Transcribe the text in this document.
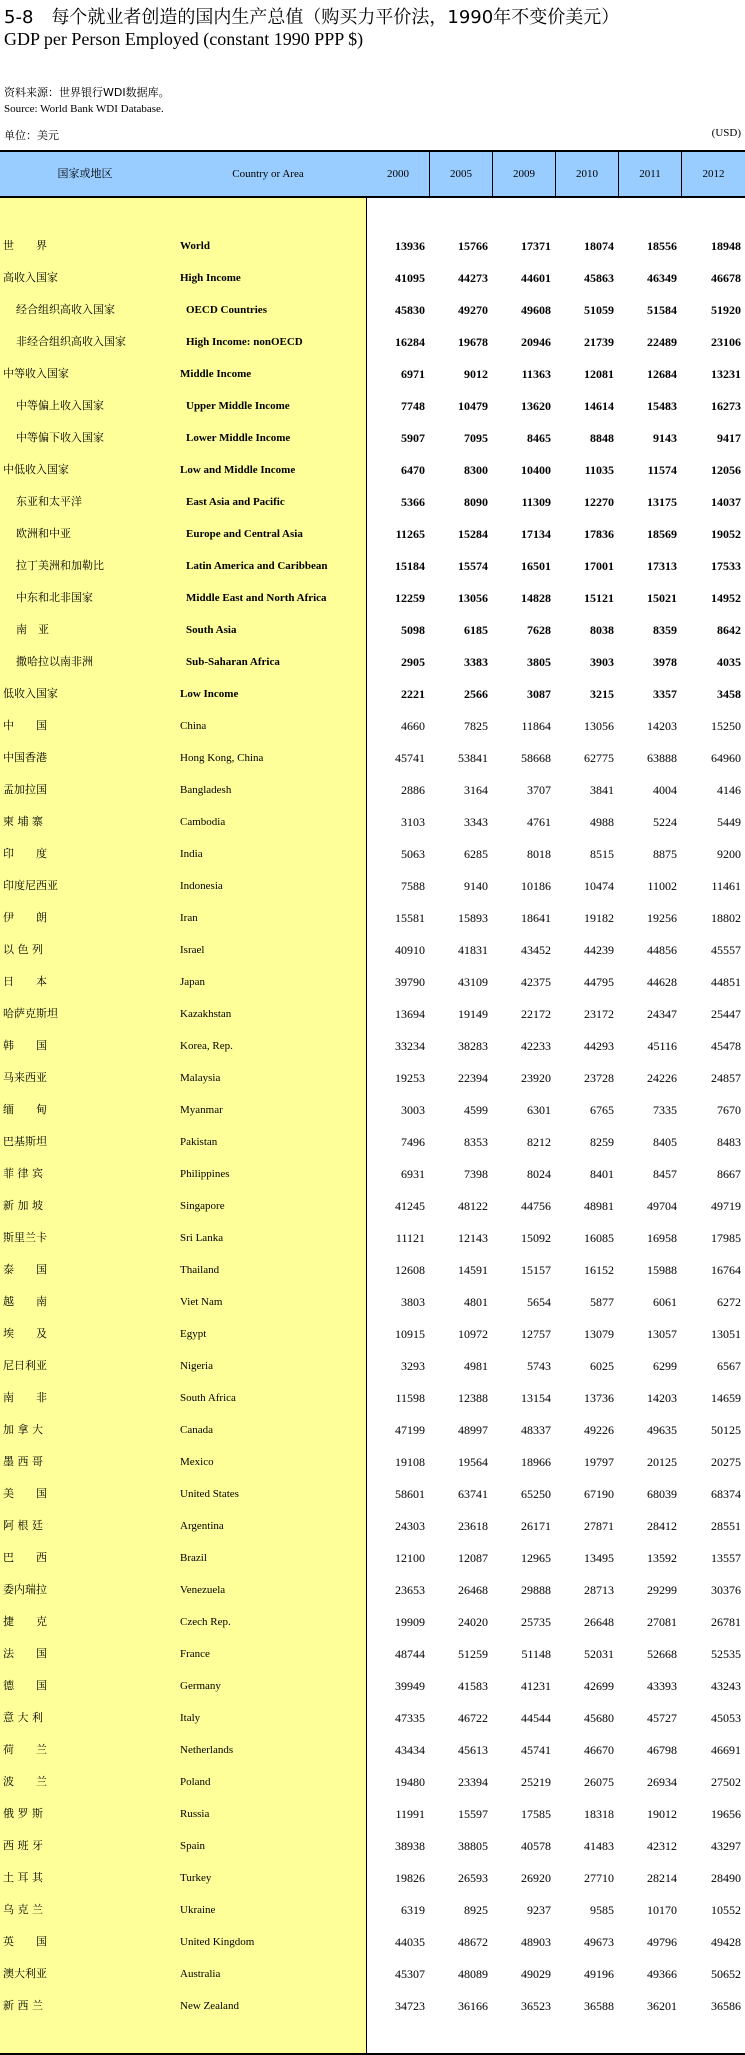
5-8　每个就业者创造的国内生产总值（购买力平价法，1990年不变价美元）
GDP per Person Employed (constant 1990 PPP $)
资料来源：世界银行WDI数据库。
Source: World Bank WDI Database.
单位：美元	(USD)
国家或地区	Country or Area	2000	2005	2009	2010	2011	2012
世　　界	World	13936	15766	17371	18074	18556	18948
高收入国家	High Income	41095	44273	44601	45863	46349	46678
经合组织高收入国家	OECD Countries	45830	49270	49608	51059	51584	51920
非经合组织高收入国家	High Income: nonOECD	16284	19678	20946	21739	22489	23106
中等收入国家	Middle Income	6971	9012	11363	12081	12684	13231
中等偏上收入国家	Upper Middle Income	7748	10479	13620	14614	15483	16273
中等偏下收入国家	Lower Middle Income	5907	7095	8465	8848	9143	9417
中低收入国家	Low and Middle Income	6470	8300	10400	11035	11574	12056
东亚和太平洋	East Asia and Pacific	5366	8090	11309	12270	13175	14037
欧洲和中亚	Europe and Central Asia	11265	15284	17134	17836	18569	19052
拉丁美洲和加勒比	Latin America and Caribbean	15184	15574	16501	17001	17313	17533
中东和北非国家	Middle East and North Africa	12259	13056	14828	15121	15021	14952
南　亚	South Asia	5098	6185	7628	8038	8359	8642
撒哈拉以南非洲	Sub-Saharan Africa	2905	3383	3805	3903	3978	4035
低收入国家	Low Income	2221	2566	3087	3215	3357	3458
中　　国	China	4660	7825	11864	13056	14203	15250
中国香港	Hong Kong, China	45741	53841	58668	62775	63888	64960
孟加拉国	Bangladesh	2886	3164	3707	3841	4004	4146
柬 埔 寨	Cambodia	3103	3343	4761	4988	5224	5449
印　　度	India	5063	6285	8018	8515	8875	9200
印度尼西亚	Indonesia	7588	9140	10186	10474	11002	11461
伊　　朗	Iran	15581	15893	18641	19182	19256	18802
以 色 列	Israel	40910	41831	43452	44239	44856	45557
日　　本	Japan	39790	43109	42375	44795	44628	44851
哈萨克斯坦	Kazakhstan	13694	19149	22172	23172	24347	25447
韩　　国	Korea, Rep.	33234	38283	42233	44293	45116	45478
马来西亚	Malaysia	19253	22394	23920	23728	24226	24857
缅　　甸	Myanmar	3003	4599	6301	6765	7335	7670
巴基斯坦	Pakistan	7496	8353	8212	8259	8405	8483
菲 律 宾	Philippines	6931	7398	8024	8401	8457	8667
新 加 坡	Singapore	41245	48122	44756	48981	49704	49719
斯里兰卡	Sri Lanka	11121	12143	15092	16085	16958	17985
泰　　国	Thailand	12608	14591	15157	16152	15988	16764
越　　南	Viet Nam	3803	4801	5654	5877	6061	6272
埃　　及	Egypt	10915	10972	12757	13079	13057	13051
尼日利亚	Nigeria	3293	4981	5743	6025	6299	6567
南　　非	South Africa	11598	12388	13154	13736	14203	14659
加 拿 大	Canada	47199	48997	48337	49226	49635	50125
墨 西 哥	Mexico	19108	19564	18966	19797	20125	20275
美　　国	United States	58601	63741	65250	67190	68039	68374
阿 根 廷	Argentina	24303	23618	26171	27871	28412	28551
巴　　西	Brazil	12100	12087	12965	13495	13592	13557
委内瑞拉	Venezuela	23653	26468	29888	28713	29299	30376
捷　　克	Czech Rep.	19909	24020	25735	26648	27081	26781
法　　国	France	48744	51259	51148	52031	52668	52535
德　　国	Germany	39949	41583	41231	42699	43393	43243
意 大 利	Italy	47335	46722	44544	45680	45727	45053
荷　　兰	Netherlands	43434	45613	45741	46670	46798	46691
波　　兰	Poland	19480	23394	25219	26075	26934	27502
俄 罗 斯	Russia	11991	15597	17585	18318	19012	19656
西 班 牙	Spain	38938	38805	40578	41483	42312	43297
土 耳 其	Turkey	19826	26593	26920	27710	28214	28490
乌 克 兰	Ukraine	6319	8925	9237	9585	10170	10552
英　　国	United Kingdom	44035	48672	48903	49673	49796	49428
澳大利亚	Australia	45307	48089	49029	49196	49366	50652
新 西 兰	New Zealand	34723	36166	36523	36588	36201	36586
